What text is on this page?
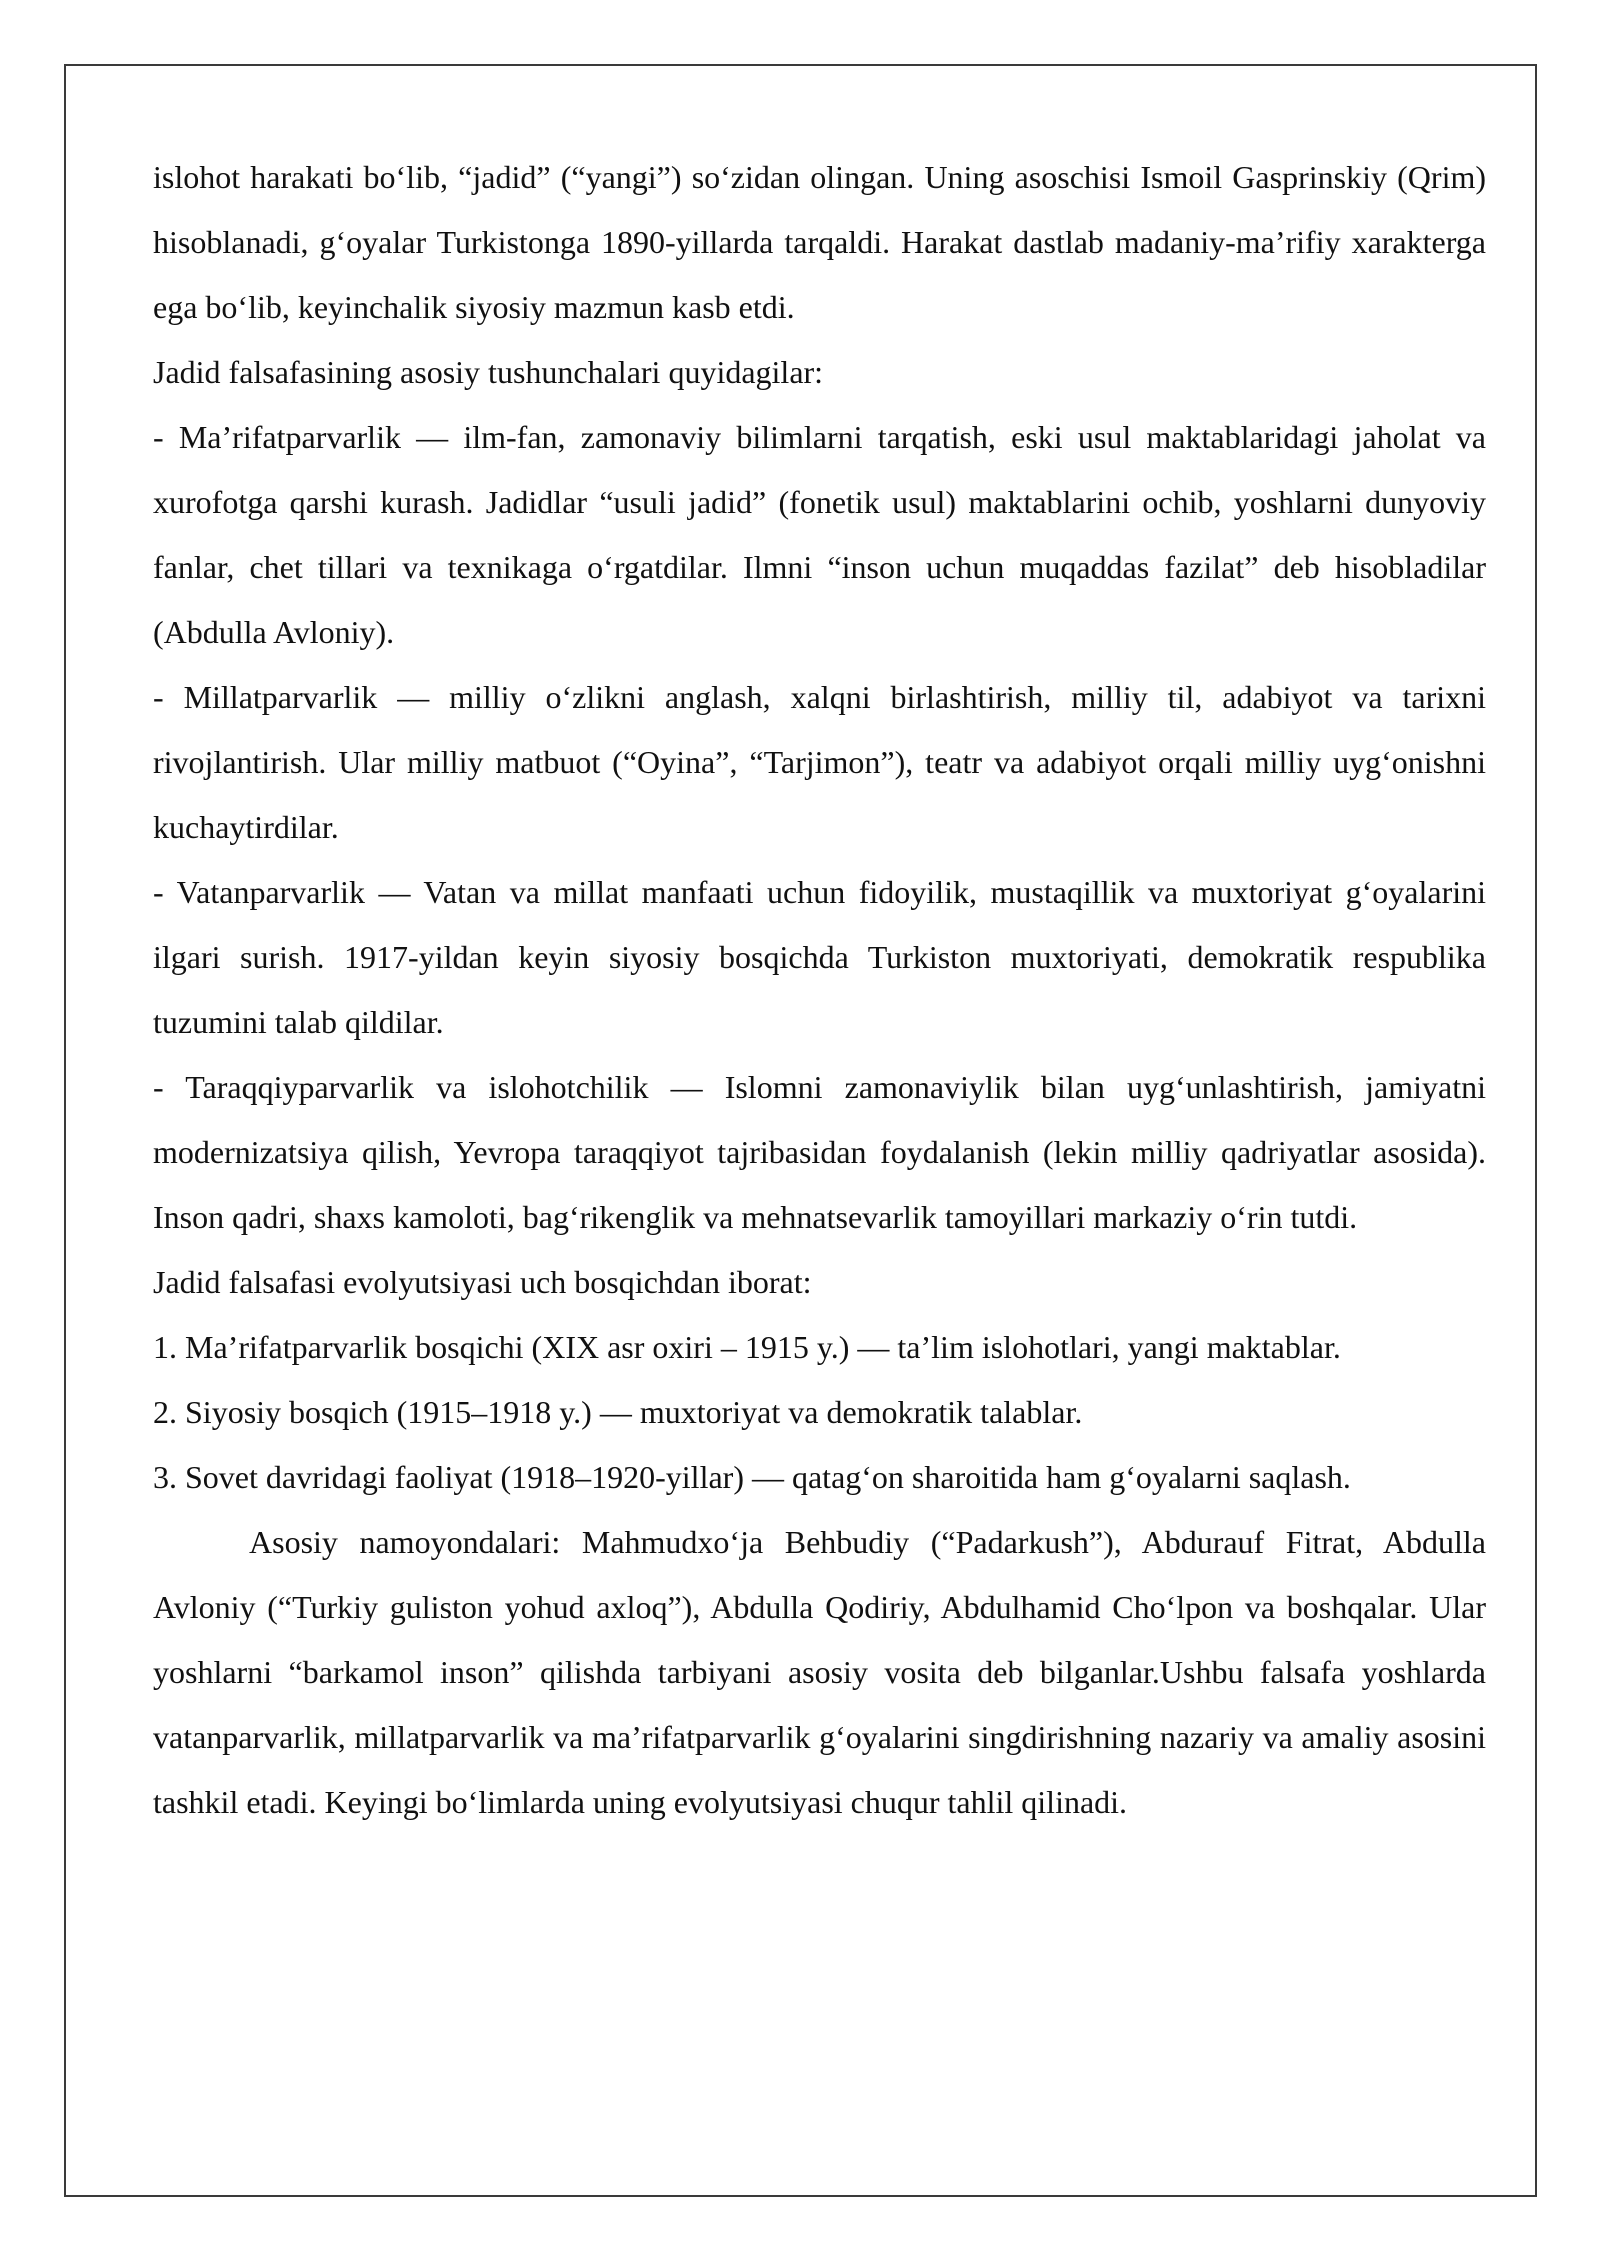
islohot harakati bo‘lib, “jadid” (“yangi”) so‘zidan olingan. Uning asoschisi Ismoil Gasprinskiy (Qrim) hisoblanadi, g‘oyalar Turkistonga 1890-yillarda tarqaldi. Harakat dastlab madaniy-ma’rifiy xarakterga ega bo‘lib, keyinchalik siyosiy mazmun kasb etdi.

Jadid falsafasining asosiy tushunchalari quyidagilar:

- Ma’rifatparvarlik — ilm-fan, zamonaviy bilimlarni tarqatish, eski usul maktablaridagi jaholat va xurofotga qarshi kurash. Jadidlar “usuli jadid” (fonetik usul) maktablarini ochib, yoshlarni dunyoviy fanlar, chet tillari va texnikaga o‘rgatdilar. Ilmni “inson uchun muqaddas fazilat” deb hisobladilar (Abdulla Avloniy).

- Millatparvarlik — milliy o‘zlikni anglash, xalqni birlashtirish, milliy til, adabiyot va tarixni rivojlantirish. Ular milliy matbuot (“Oyina”, “Tarjimon”), teatr va adabiyot orqali milliy uyg‘onishni kuchaytirdilar.

- Vatanparvarlik — Vatan va millat manfaati uchun fidoyilik, mustaqillik va muxtoriyat g‘oyalarini ilgari surish. 1917-yildan keyin siyosiy bosqichda Turkiston muxtoriyati, demokratik respublika tuzumini talab qildilar.

- Taraqqiyparvarlik va islohotchilik — Islomni zamonaviylik bilan uyg‘unlashtirish, jamiyatni modernizatsiya qilish, Yevropa taraqqiyot tajribasidan foydalanish (lekin milliy qadriyatlar asosida). Inson qadri, shaxs kamoloti, bag‘rikenglik va mehnatsevarlik tamoyillari markaziy o‘rin tutdi.

Jadid falsafasi evolyutsiyasi uch bosqichdan iborat:

1. Ma’rifatparvarlik bosqichi (XIX asr oxiri – 1915 y.) — ta’lim islohotlari, yangi maktablar.

2. Siyosiy bosqich (1915–1918 y.) — muxtoriyat va demokratik talablar.

3. Sovet davridagi faoliyat (1918–1920-yillar) — qatag‘on sharoitida ham g‘oyalarni saqlash.

Asosiy namoyondalari: Mahmudxo‘ja Behbudiy (“Padarkush”), Abdurauf Fitrat, Abdulla Avloniy (“Turkiy guliston yohud axloq”), Abdulla Qodiriy, Abdulhamid Cho‘lpon va boshqalar. Ular yoshlarni “barkamol inson” qilishda tarbiyani asosiy vosita deb bilganlar.Ushbu falsafa yoshlarda vatanparvarlik, millatparvarlik va ma’rifatparvarlik g‘oyalarini singdirishning nazariy va amaliy asosini tashkil etadi. Keyingi bo‘limlarda uning evolyutsiyasi chuqur tahlil qilinadi.
